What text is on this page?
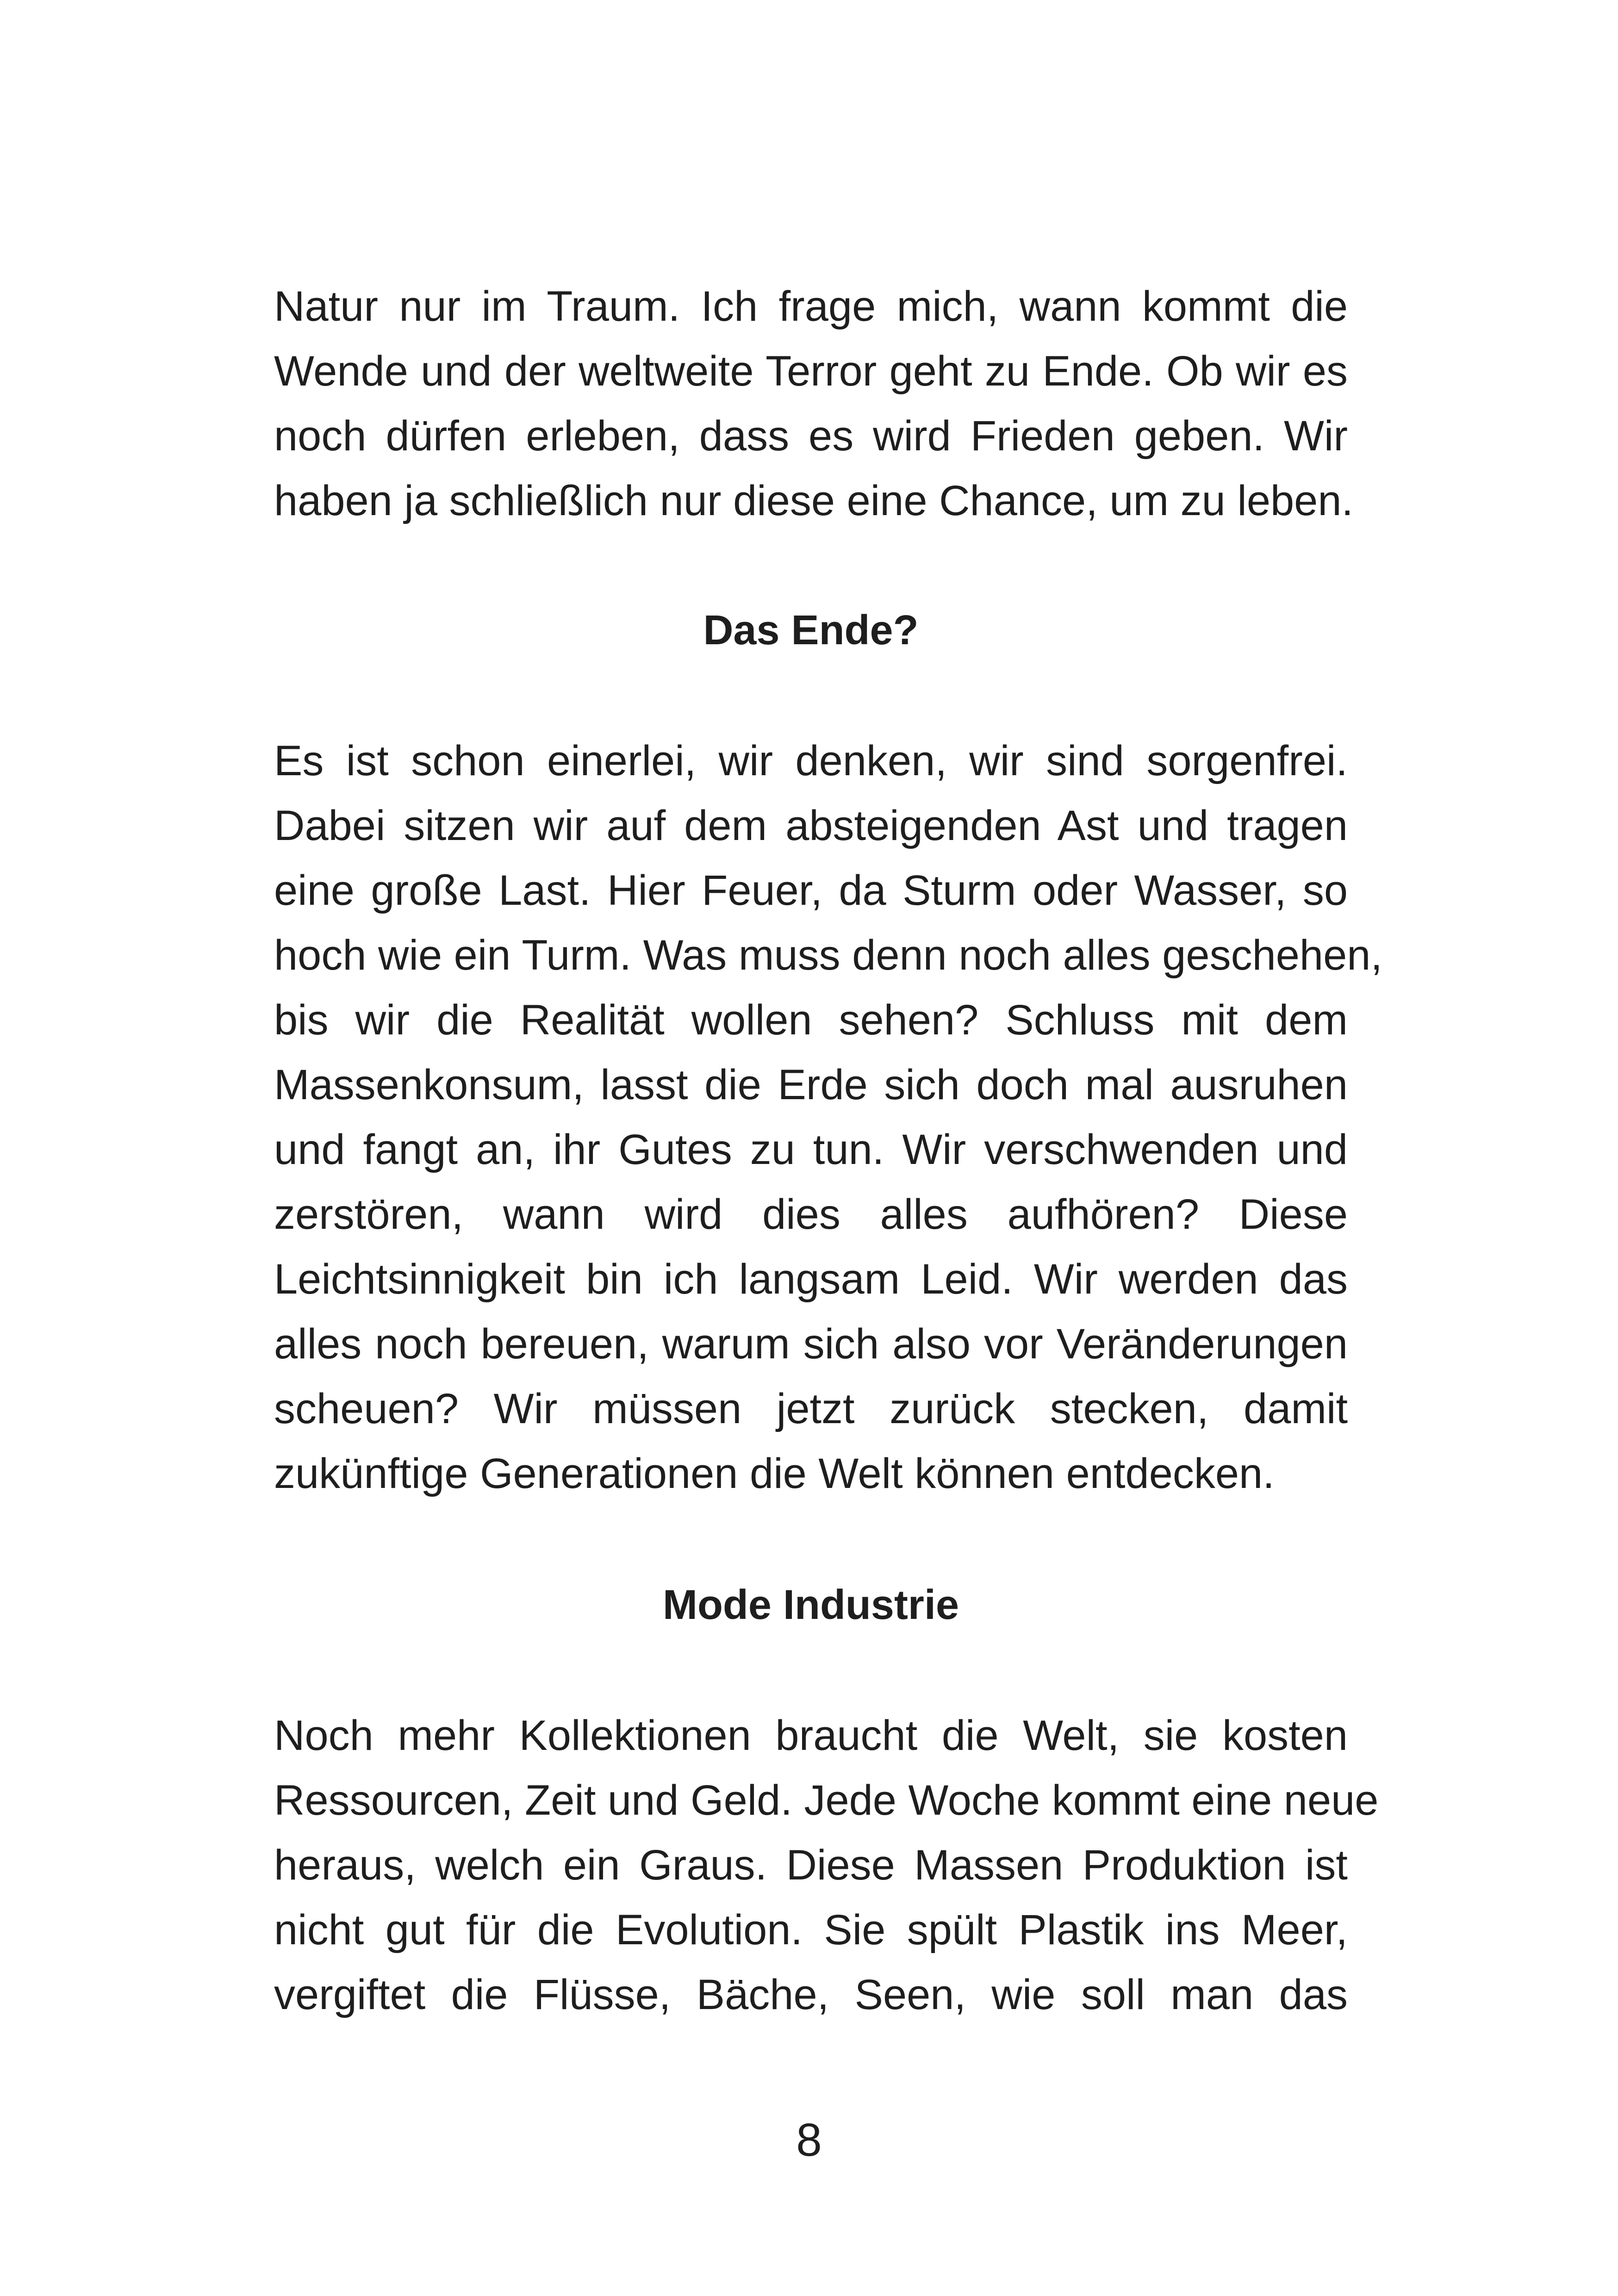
Natur nur im Traum. Ich frage mich, wann kommt die
Wende und der weltweite Terror geht zu Ende. Ob wir es
noch dürfen erleben, dass es wird Frieden geben. Wir
haben ja schließlich nur diese eine Chance, um zu leben.
Das Ende?
Es ist schon einerlei, wir denken, wir sind sorgenfrei.
Dabei sitzen wir auf dem absteigenden Ast und tragen
eine große Last. Hier Feuer, da Sturm oder Wasser, so
hoch wie ein Turm. Was muss denn noch alles geschehen,
bis wir die Realität wollen sehen? Schluss mit dem
Massenkonsum, lasst die Erde sich doch mal ausruhen
und fangt an, ihr Gutes zu tun. Wir verschwenden und
zerstören, wann wird dies alles aufhören? Diese
Leichtsinnigkeit bin ich langsam Leid. Wir werden das
alles noch bereuen, warum sich also vor Veränderungen
scheuen? Wir müssen jetzt zurück stecken, damit
zukünftige Generationen die Welt können entdecken.
Mode Industrie
Noch mehr Kollektionen braucht die Welt, sie kosten
Ressourcen, Zeit und Geld. Jede Woche kommt eine neue
heraus, welch ein Graus. Diese Massen Produktion ist
nicht gut für die Evolution. Sie spült Plastik ins Meer,
vergiftet die Flüsse, Bäche, Seen, wie soll man das
8
